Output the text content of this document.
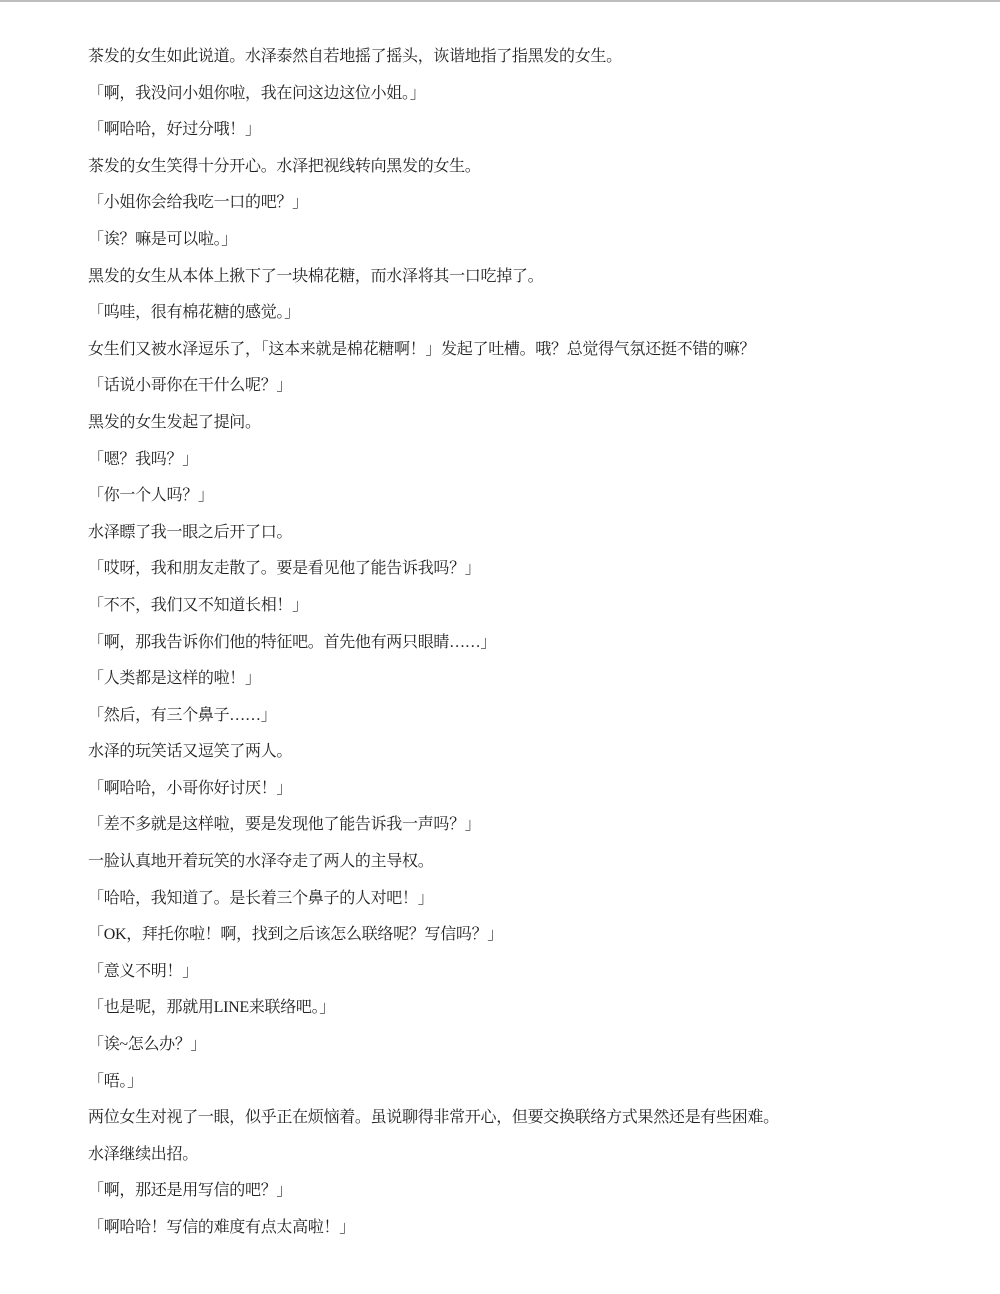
茶发的女生如此说道。水泽泰然自若地摇了摇头，诙谐地指了指黑发的女生。

「啊，我没问小姐你啦，我在问这边这位小姐。」

「啊哈哈，好过分哦！」

茶发的女生笑得十分开心。水泽把视线转向黑发的女生。

「小姐你会给我吃一口的吧？」

「诶？嘛是可以啦。」

黑发的女生从本体上揪下了一块棉花糖，而水泽将其一口吃掉了。

「呜哇，很有棉花糖的感觉。」

女生们又被水泽逗乐了，「这本来就是棉花糖啊！」发起了吐槽。哦？总觉得气氛还挺不错的嘛？

「话说小哥你在干什么呢？」

黑发的女生发起了提问。

「嗯？我吗？」

「你一个人吗？」

水泽瞟了我一眼之后开了口。

「哎呀，我和朋友走散了。要是看见他了能告诉我吗？」

「不不，我们又不知道长相！」

「啊，那我告诉你们他的特征吧。首先他有两只眼睛……」

「人类都是这样的啦！」

「然后，有三个鼻子……」

水泽的玩笑话又逗笑了两人。

「啊哈哈，小哥你好讨厌！」

「差不多就是这样啦，要是发现他了能告诉我一声吗？」

一脸认真地开着玩笑的水泽夺走了两人的主导权。

「哈哈，我知道了。是长着三个鼻子的人对吧！」

「OK，拜托你啦！啊，找到之后该怎么联络呢？写信吗？」

「意义不明！」

「也是呢，那就用LINE来联络吧。」

「诶~怎么办？」

「唔。」

两位女生对视了一眼，似乎正在烦恼着。虽说聊得非常开心，但要交换联络方式果然还是有些困难。

水泽继续出招。

「啊，那还是用写信的吧？」

「啊哈哈！写信的难度有点太高啦！」
